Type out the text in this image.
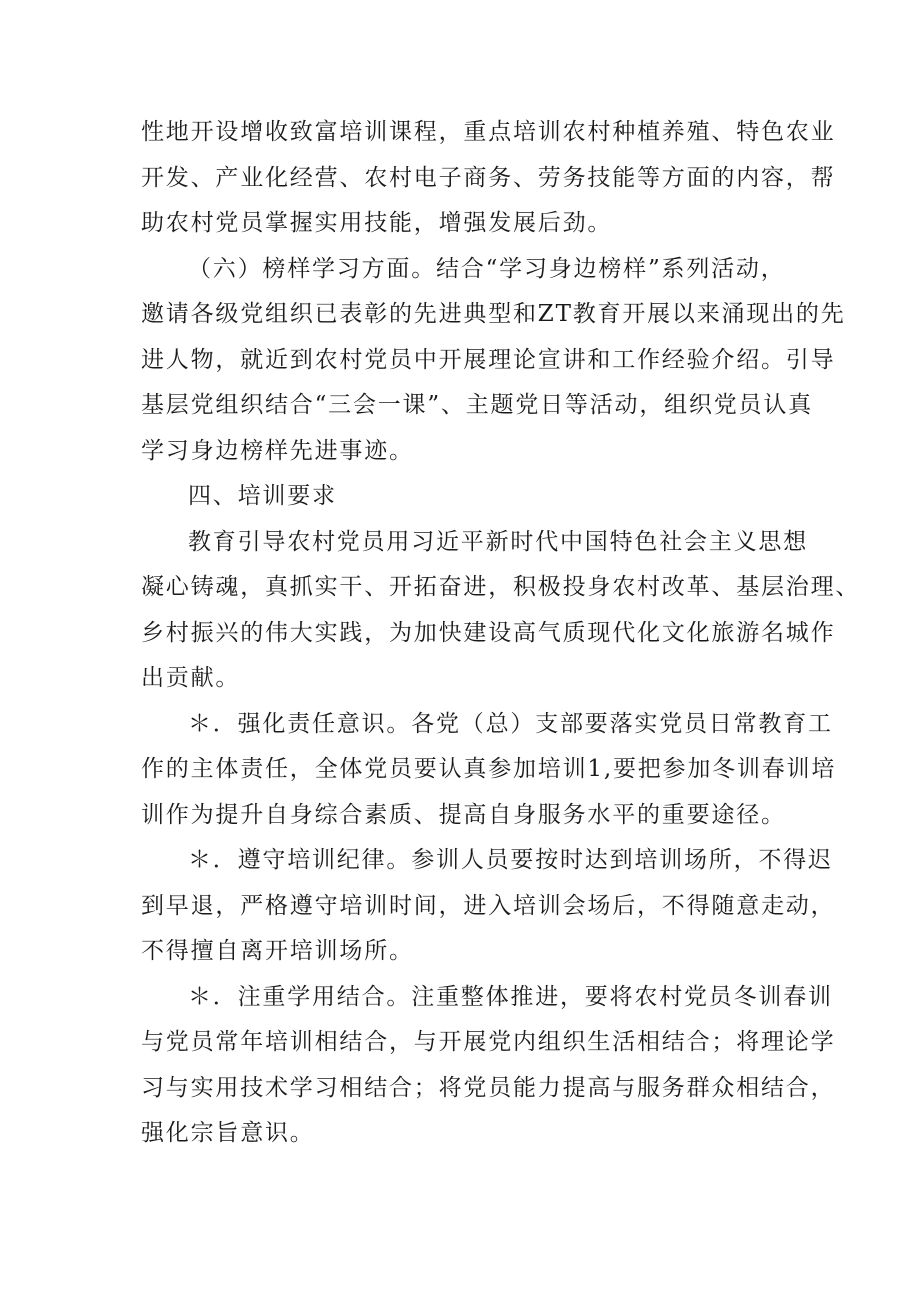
性地开设增收致富培训课程，重点培训农村种植养殖、特色农业
开发、产业化经营、农村电子商务、劳务技能等方面的内容，帮
助农村党员掌握实用技能，增强发展后劲。
（六）榜样学习方面。结合“学习身边榜样”系列活动，
邀请各级党组织已表彰的先进典型和ZT教育开展以来涌现出的先
进人物，就近到农村党员中开展理论宣讲和工作经验介绍。引导
基层党组织结合“三会一课”、主题党日等活动，组织党员认真
学习身边榜样先进事迹。
四、培训要求
教育引导农村党员用习近平新时代中国特色社会主义思想
凝心铸魂，真抓实干、开拓奋进，积极投身农村改革、基层治理、
乡村振兴的伟大实践，为加快建设高气质现代化文化旅游名城作
出贡献。
＊．强化责任意识。各党（总）支部要落实党员日常教育工
作的主体责任，全体党员要认真参加培训1,要把参加冬训春训培
训作为提升自身综合素质、提高自身服务水平的重要途径。
＊．遵守培训纪律。参训人员要按时达到培训场所，不得迟
到早退，严格遵守培训时间，进入培训会场后，不得随意走动，
不得擅自离开培训场所。
＊．注重学用结合。注重整体推进，要将农村党员冬训春训
与党员常年培训相结合，与开展党内组织生活相结合；将理论学
习与实用技术学习相结合；将党员能力提高与服务群众相结合，
强化宗旨意识。
